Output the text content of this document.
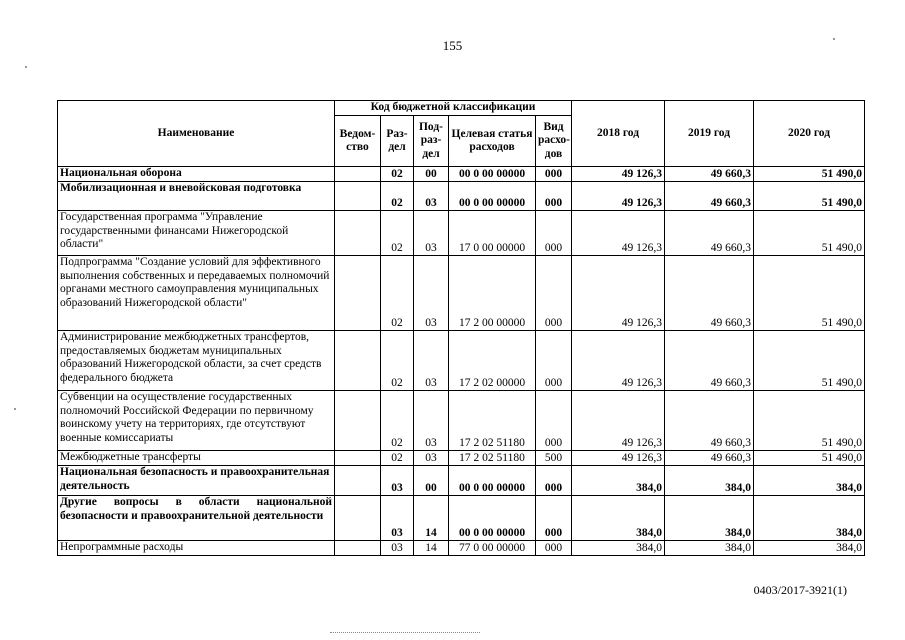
155
Наименование	Код бюджетной классификации					2018 год	2019 год	2020 год
	Ведом-ство	Раз-дел	Под-раз-дел	Целевая статья расходов	Вид расхо-дов			
Национальная оборона		02	00	00 0 00 00000	000	49 126,3	49 660,3	51 490,0
Мобилизационная и вневойсковая подготовка		02	03	00 0 00 00000	000	49 126,3	49 660,3	51 490,0
Государственная программа "Управление государственными финансами Нижегородской области"		02	03	17 0 00 00000	000	49 126,3	49 660,3	51 490,0
Подпрограмма "Создание условий для эффективного выполнения собственных и передаваемых полномочий органами местного самоуправления муниципальных образований Нижегородской области"		02	03	17 2 00 00000	000	49 126,3	49 660,3	51 490,0
Администрирование межбюджетных трансфертов, предоставляемых бюджетам муниципальных образований Нижегородской области, за счет средств федерального бюджета		02	03	17 2 02 00000	000	49 126,3	49 660,3	51 490,0
Субвенции на осуществление государственных полномочий Российской Федерации по первичному воинскому учету на территориях, где отсутствуют военные комиссариаты		02	03	17 2 02 51180	000	49 126,3	49 660,3	51 490,0
Межбюджетные трансферты		02	03	17 2 02 51180	500	49 126,3	49 660,3	51 490,0
Национальная безопасность и правоохранительная деятельность		03	00	00 0 00 00000	000	384,0	384,0	384,0
Другие вопросы в области национальной безопасности и правоохранительной деятельности		03	14	00 0 00 00000	000	384,0	384,0	384,0
Непрограммные расходы		03	14	77 0 00 00000	000	384,0	384,0	384,0
0403/2017-3921(1)
